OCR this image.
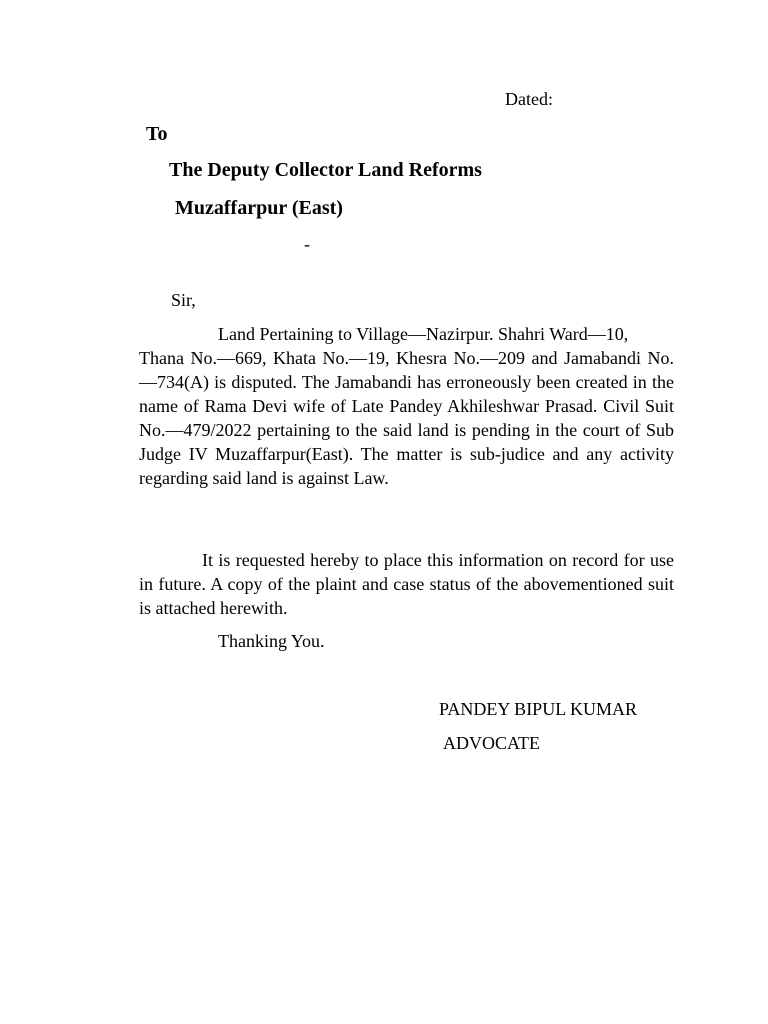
Dated:

To

The Deputy Collector Land Reforms

Muzaffarpur (East)

-

Sir,

Land Pertaining to Village—Nazirpur. Shahri Ward—10,
Thana No.—669, Khata No.—19, Khesra No.—209 and Jamabandi No.—734(A) is disputed. The Jamabandi has erroneously been created in the name of Rama Devi wife of Late Pandey Akhileshwar Prasad. Civil Suit No.—479/2022 pertaining to the said land is pending in the court of Sub Judge IV Muzaffarpur(East). The matter is sub-judice and any activity regarding said land is against Law.

It is requested hereby to place this information on record for use in future. A copy of the plaint and case status of the abovementioned suit is attached herewith.

Thanking You.

PANDEY BIPUL KUMAR

ADVOCATE
